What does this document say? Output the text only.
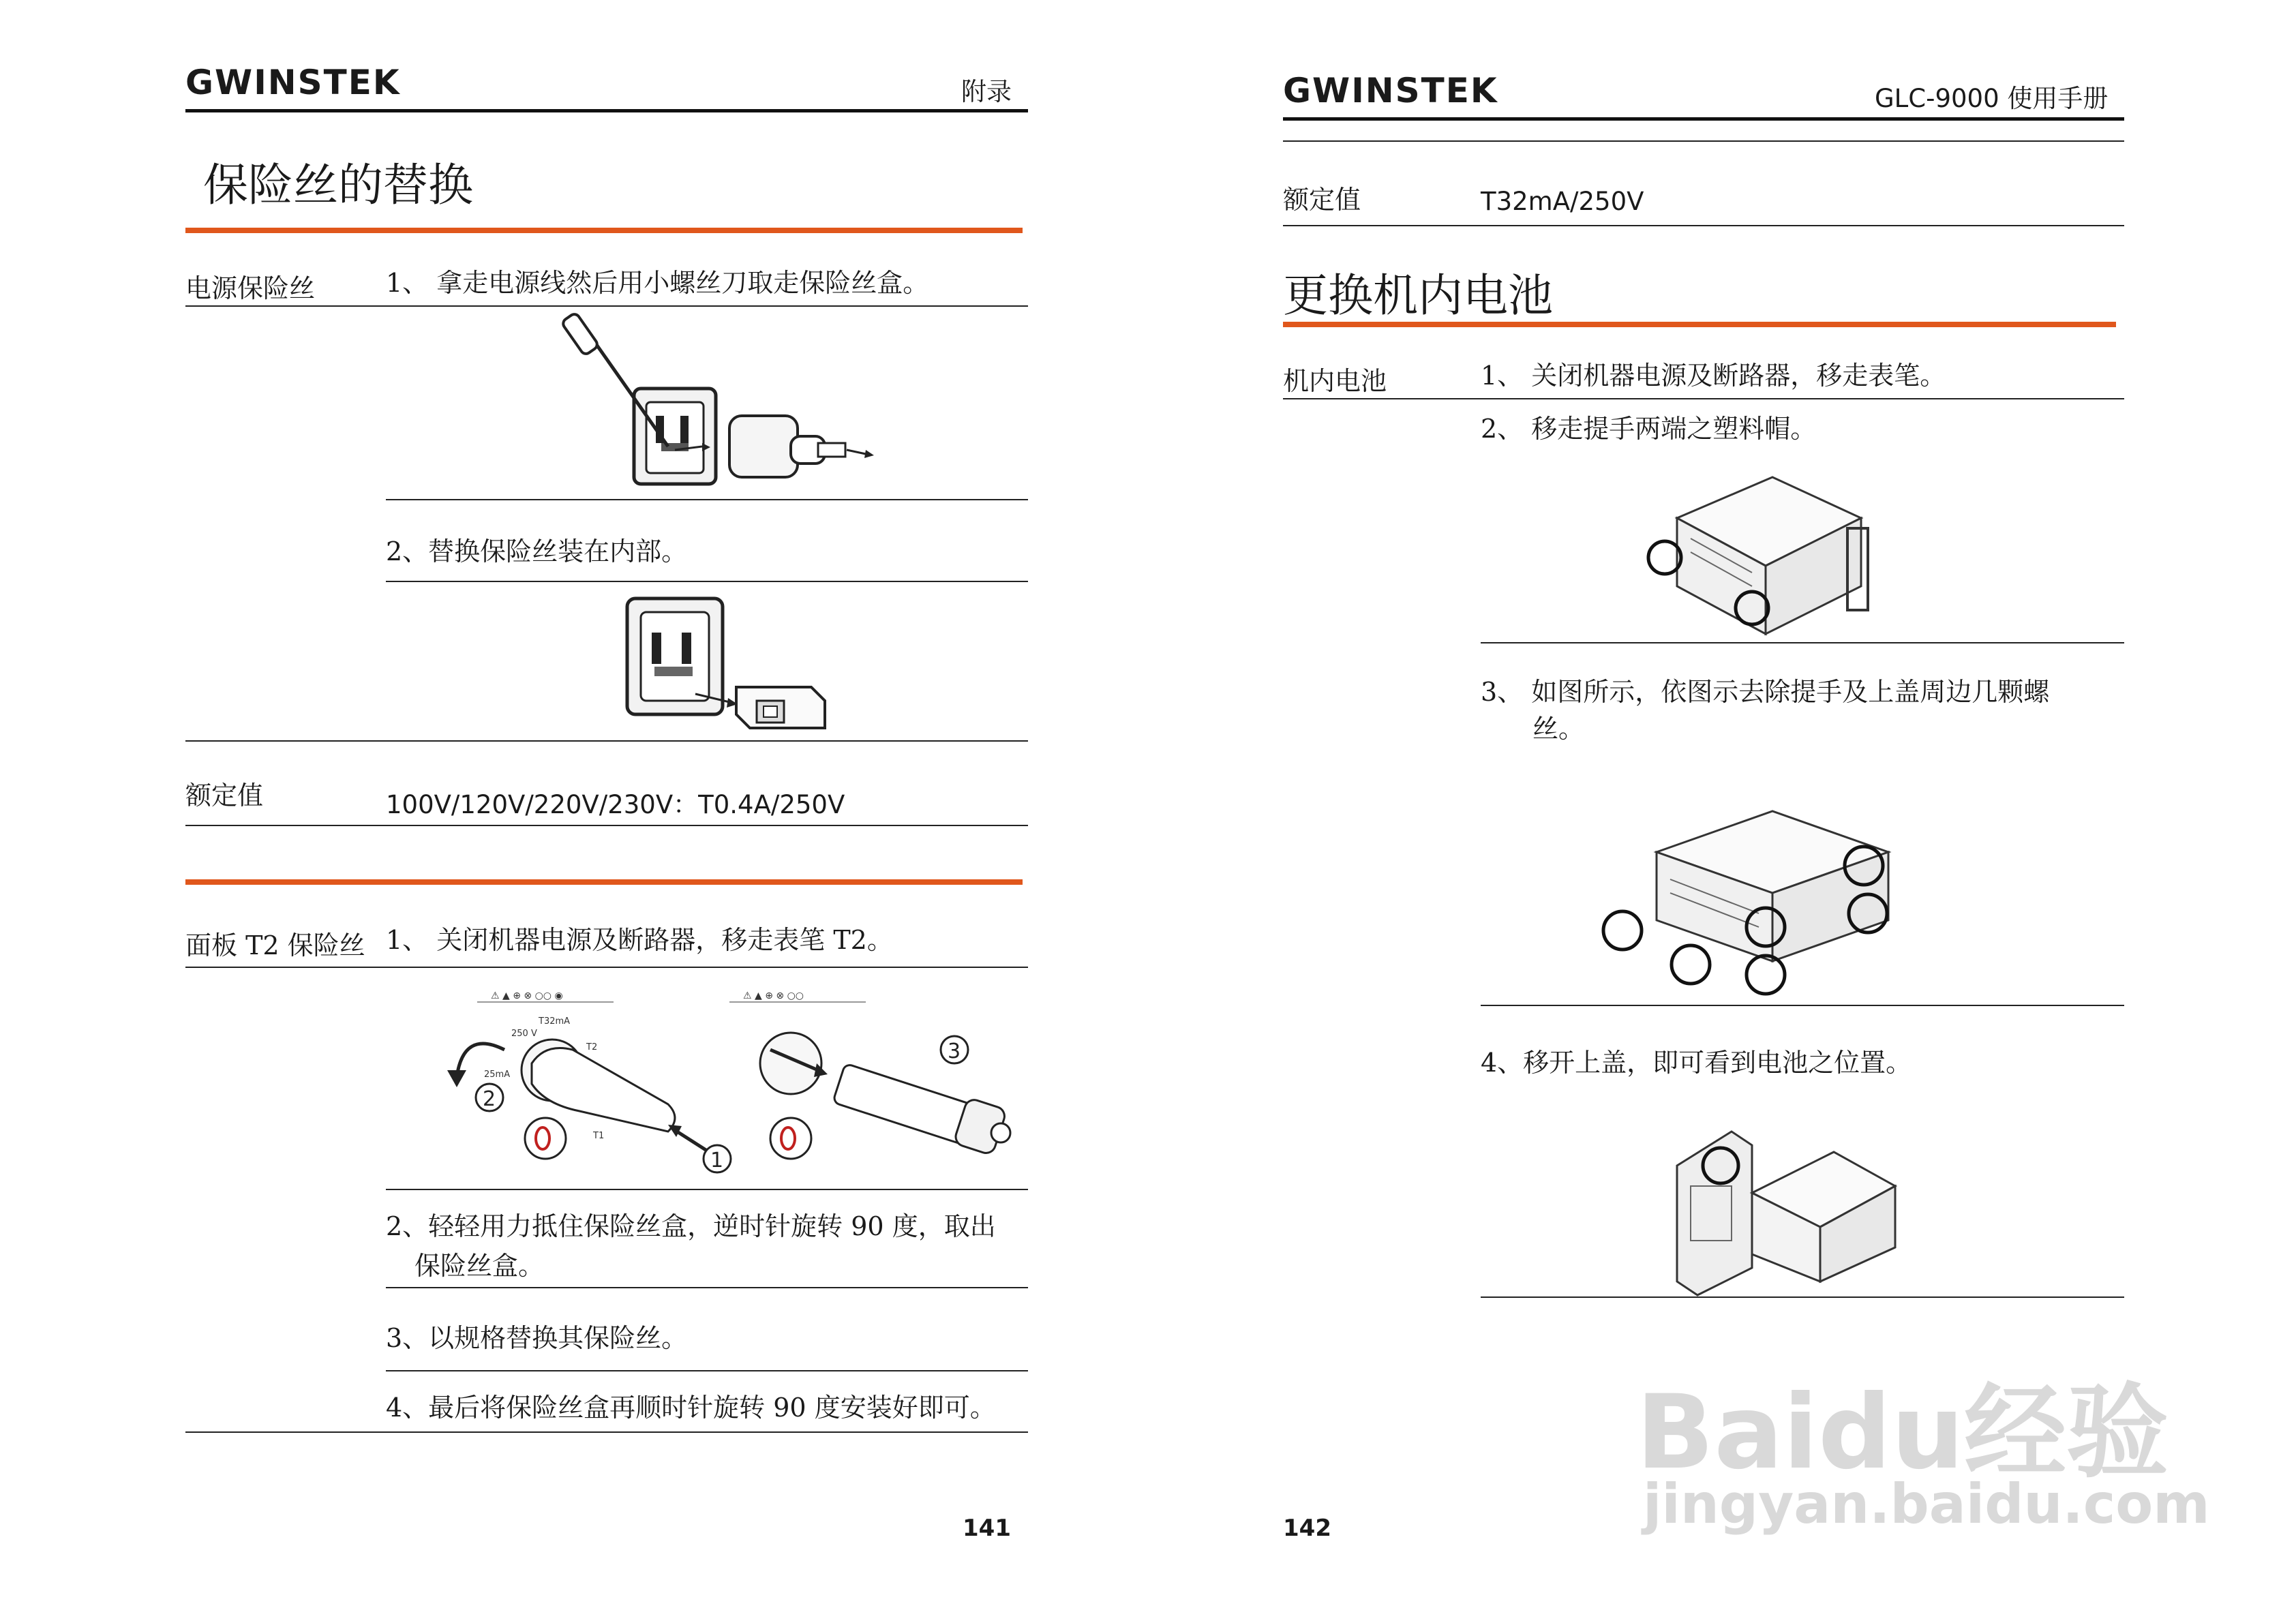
GWINSTEK	附录
保险丝的替换
电源保险丝	1、 拿走电源线然后用小螺丝刀取走保险丝盒。
2、替换保险丝装在内部。
额定值	100V/120V/220V/230V：T0.4A/250V
面板 T2 保险丝 1、 关闭机器电源及断路器，移走表笔 T2。
⚠ ▲ ⊕ ⊗ ○○ ◉
250 V
T32mA
25mA
T2
T1
2
1
⚠ ▲ ⊕ ⊗ ○○
3
2、轻轻用力抵住保险丝盒，逆时针旋转 90 度，取出
保险丝盒。
3、以规格替换其保险丝。
4、最后将保险丝盒再顺时针旋转 90 度安装好即可。
141
GWINSTEK	GLC-9000 使用手册
额定值	T32mA/250V
更换机内电池
机内电池	1、 关闭机器电源及断路器，移走表笔。
2、 移走提手两端之塑料帽。
3、 如图所示，依图示去除提手及上盖周边几颗螺
丝。
4、移开上盖，即可看到电池之位置。
142
Baidu经验
jingyan.baidu.com
